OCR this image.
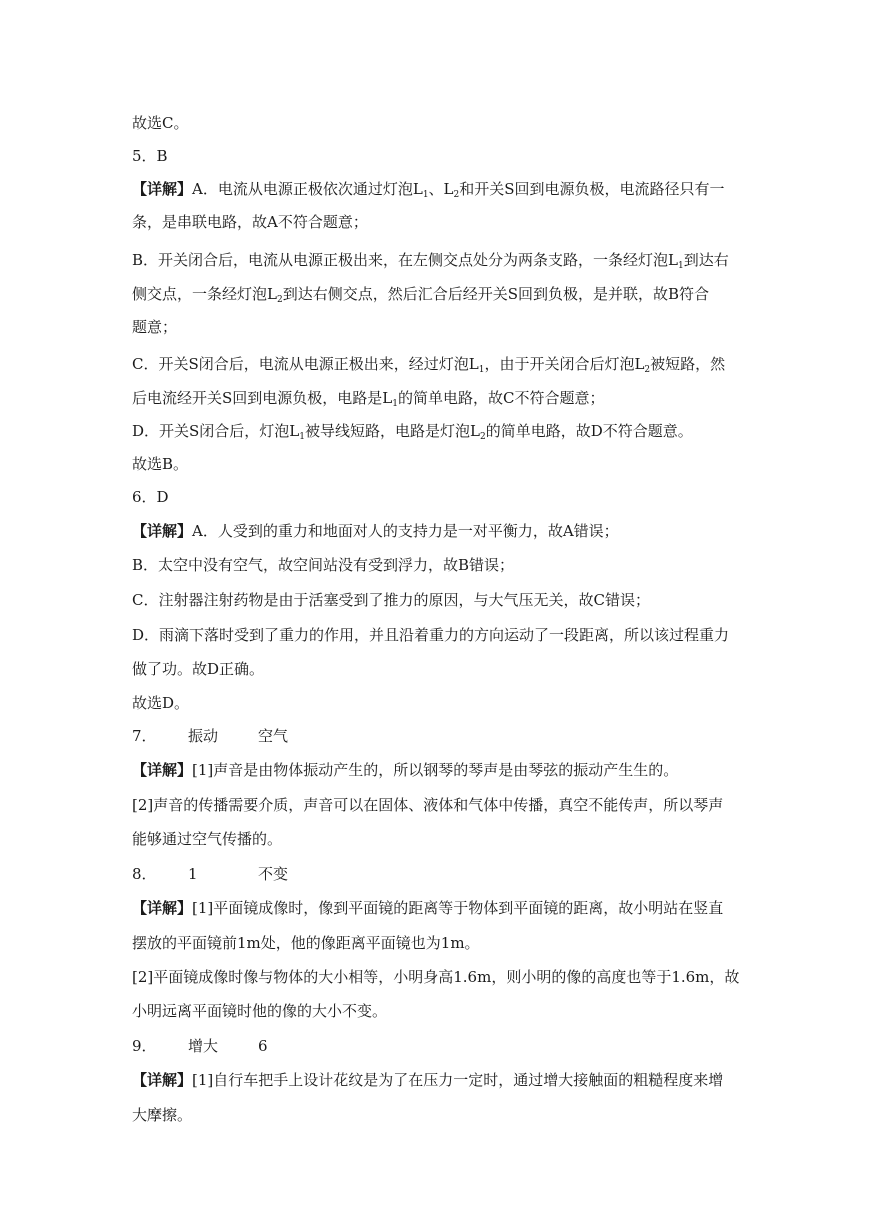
故选C。
5．B
【详解】A．电流从电源正极依次通过灯泡$L_1$、$L_2$和开关S回到电源负极，电流路径只有一
条，是串联电路，故A不符合题意；
B．开关闭合后，电流从电源正极出来，在左侧交点处分为两条支路，一条经灯泡$L_1$到达右
侧交点，一条经灯泡$L_2$到达右侧交点，然后汇合后经开关S回到负极，是并联，故B符合
题意；
C．开关S闭合后，电流从电源正极出来，经过灯泡$L_1$，由于开关闭合后灯泡$L_2$被短路，然
后电流经开关S回到电源负极，电路是$L_1$的简单电路，故C不符合题意；
D．开关S闭合后，灯泡$L_1$被导线短路，电路是灯泡$L_2$的简单电路，故D不符合题意。
故选B。
6．D
【详解】A．人受到的重力和地面对人的支持力是一对平衡力，故A错误；
B．太空中没有空气，故空间站没有受到浮力，故B错误；
C．注射器注射药物是由于活塞受到了推力的原因，与大气压无关，故C错误；
D．雨滴下落时受到了重力的作用，并且沿着重力的方向运动了一段距离，所以该过程重力
做了功。故D正确。
故选D。
7． 振动	空气
【详解】[1]声音是由物体振动产生的，所以钢琴的琴声是由琴弦的振动产生生的。
[2]声音的传播需要介质，声音可以在固体、液体和气体中传播，真空不能传声，所以琴声
能够通过空气传播的。
8． 1	不变
【详解】[1]平面镜成像时，像到平面镜的距离等于物体到平面镜的距离，故小明站在竖直
摆放的平面镜前1m处，他的像距离平面镜也为1m。
[2]平面镜成像时像与物体的大小相等，小明身高1.6m，则小明的像的高度也等于1.6m，故
小明远离平面镜时他的像的大小不变。
9． 增大	6
【详解】[1]自行车把手上设计花纹是为了在压力一定时，通过增大接触面的粗糙程度来增
大摩擦。
